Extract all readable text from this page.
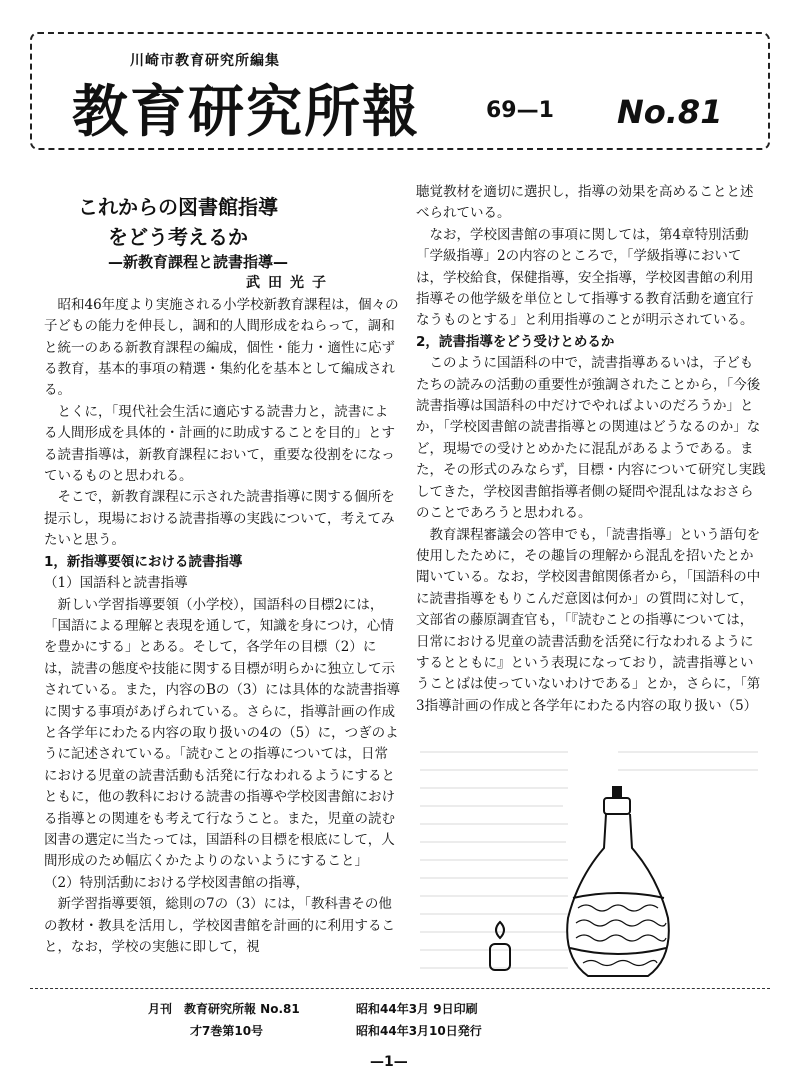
川崎市教育研究所編集
教育研究所報	69—1 No.81

これからの図書館指導

をどう考えるか

—新教育課程と読書指導—

武田光子

昭和46年度より実施される小学校新教育課程は，個々の子どもの能力を伸長し，調和的人間形成をねらって，調和と統一のある新教育課程の編成，個性・能力・適性に応ずる教育，基本的事項の精選・集約化を基本として編成される。

とくに，「現代社会生活に適応する読書力と，読書による人間形成を具体的・計画的に助成することを目的」とする読書指導は，新教育課程において，重要な役割をになっているものと思われる。

そこで，新教育課程に示された読書指導に関する個所を提示し，現場における読書指導の実践について，考えてみたいと思う。

1，新指導要領における読書指導

（1）国語科と読書指導

新しい学習指導要領（小学校），国語科の目標2には，「国語による理解と表現を通して，知識を身につけ，心情を豊かにする」とある。そして，各学年の目標（2）には，読書の態度や技能に関する目標が明らかに独立して示されている。また，内容のBの（3）には具体的な読書指導に関する事項があげられている。さらに，指導計画の作成と各学年にわたる内容の取り扱いの4の（5）に，つぎのように記述されている。「読むことの指導については，日常における児童の読書活動も活発に行なわれるようにするとともに，他の教科における読書の指導や学校図書館における指導との関連をも考えて行なうこと。また，児童の読む図書の選定に当たっては，国語科の目標を根底にして，人間形成のため幅広くかたよりのないようにすること」

（2）特別活動における学校図書館の指導，

新学習指導要領，総則の7の（3）には，「教科書その他の教材・教具を活用し，学校図書館を計画的に利用すること，なお，学校の実態に即して，視

聴覚教材を適切に選択し，指導の効果を高めることと述べられている。

なお，学校図書館の事項に関しては，第4章特別活動「学級指導」2の内容のところで，「学級指導においては，学校給食，保健指導，安全指導，学校図書館の利用指導その他学級を単位として指導する教育活動を適宜行なうものとする」と利用指導のことが明示されている。

2，読書指導をどう受けとめるか

このように国語科の中で，読書指導あるいは，子どもたちの読みの活動の重要性が強調されたことから，「今後読書指導は国語科の中だけでやればよいのだろうか」とか，「学校図書館の読書指導との関連はどうなるのか」など，現場での受けとめかたに混乱があるようである。また，その形式のみならず，目標・内容について研究し実践してきた，学校図書館指導者側の疑問や混乱はなおさらのことであろうと思われる。

教育課程審議会の答申でも，「読書指導」という語句を使用したために，その趣旨の理解から混乱を招いたとか聞いている。なお，学校図書館関係者から，「国語科の中に読書指導をもりこんだ意図は何か」の質問に対して，文部省の藤原調査官も，「『読むことの指導については，日常における児童の読書活動を活発に行なわれるようにするとともに』という表現になっており，読書指導ということばは使っていないわけである」とか，さらに，「第3指導計画の作成と各学年にわたる内容の取り扱い（5）

月刊　教育研究所報 No.81
才7巻第10号
昭和44年3月 9日印刷
昭和44年3月10日発行
—1—
